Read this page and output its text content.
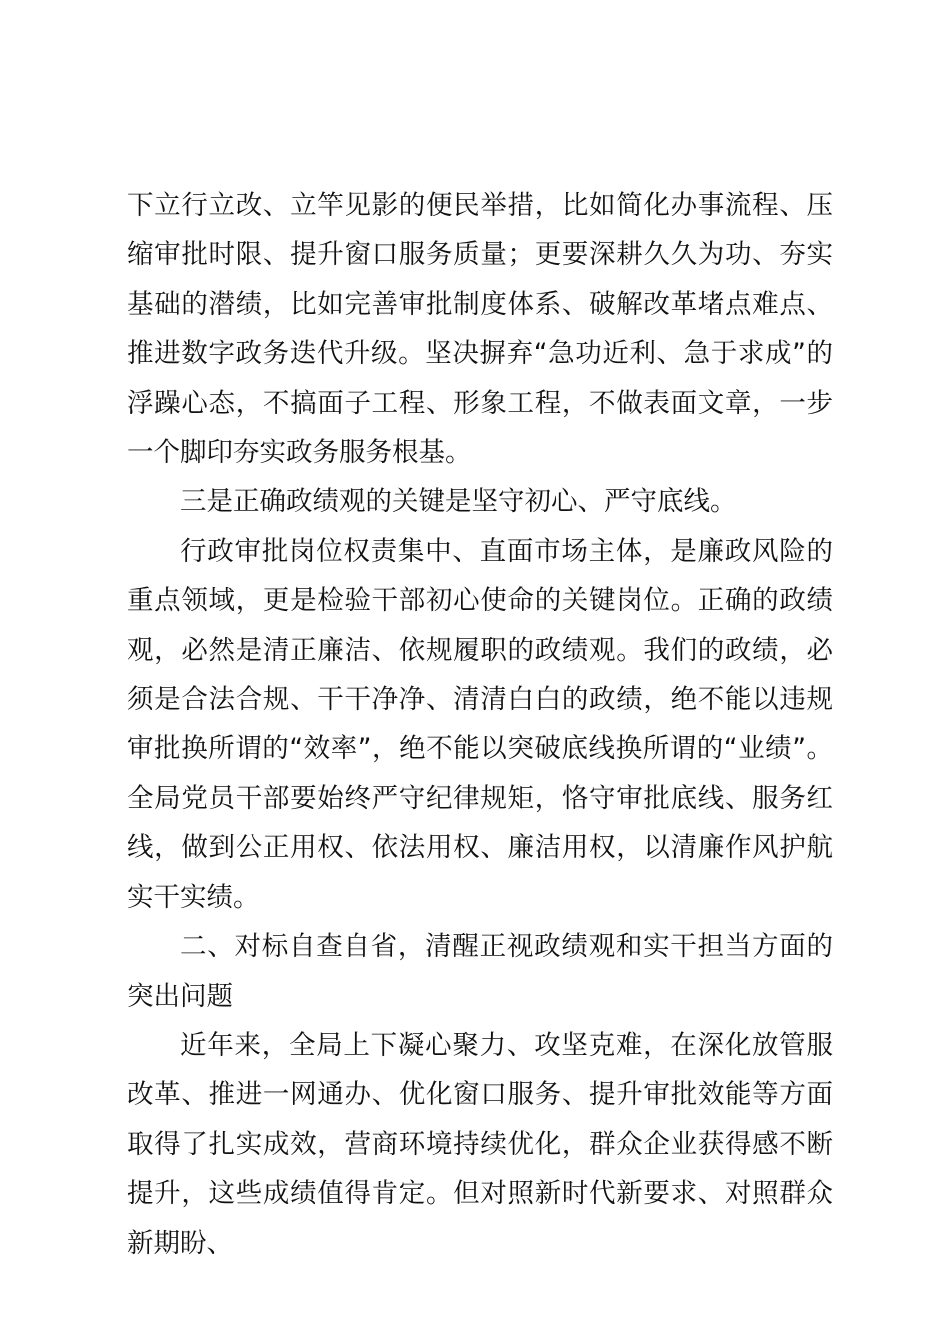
下立行立改、立竿见影的便民举措，比如简化办事流程、压缩审批时限、提升窗口服务质量；更要深耕久久为功、夯实基础的潜绩，比如完善审批制度体系、破解改革堵点难点、推进数字政务迭代升级。坚决摒弃“急功近利、急于求成”的浮躁心态，不搞面子工程、形象工程，不做表面文章，一步一个脚印夯实政务服务根基。

三是正确政绩观的关键是坚守初心、严守底线。

行政审批岗位权责集中、直面市场主体，是廉政风险的重点领域，更是检验干部初心使命的关键岗位。正确的政绩观，必然是清正廉洁、依规履职的政绩观。我们的政绩，必须是合法合规、干干净净、清清白白的政绩，绝不能以违规审批换所谓的“效率”，绝不能以突破底线换所谓的“业绩”。全局党员干部要始终严守纪律规矩，恪守审批底线、服务红线，做到公正用权、依法用权、廉洁用权，以清廉作风护航实干实绩。

二、对标自查自省，清醒正视政绩观和实干担当方面的突出问题

近年来，全局上下凝心聚力、攻坚克难，在深化放管服改革、推进一网通办、优化窗口服务、提升审批效能等方面取得了扎实成效，营商环境持续优化，群众企业获得感不断提升，这些成绩值得肯定。但对照新时代新要求、对照群众新期盼、
